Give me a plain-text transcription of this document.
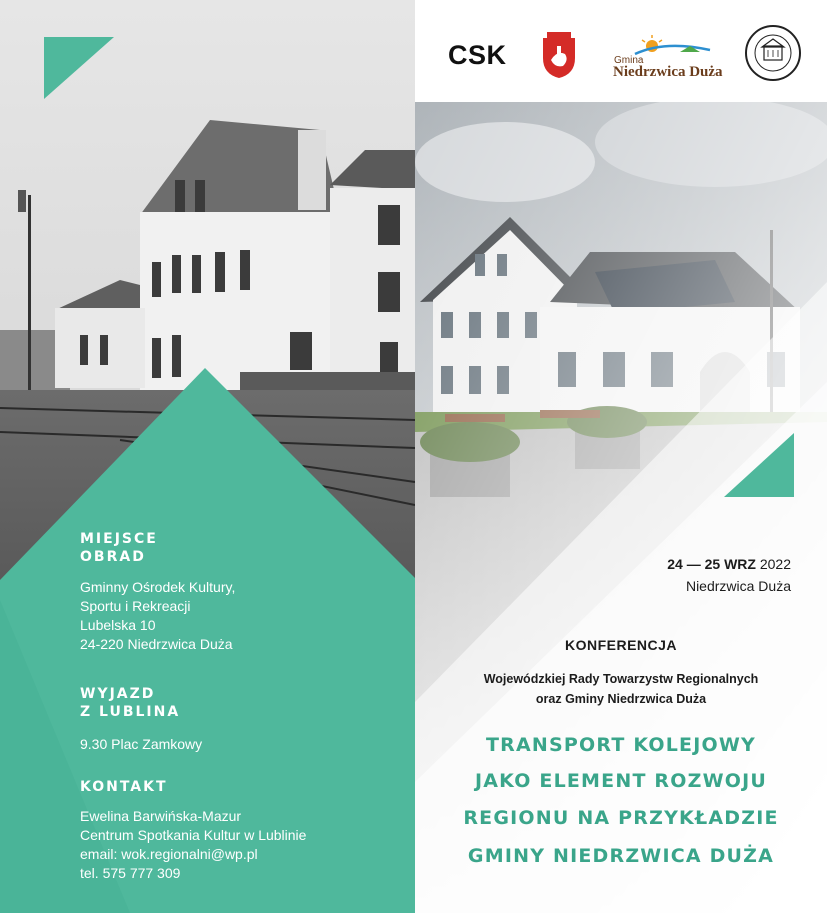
MIEJSCE
OBRAD
Gminny Ośrodek Kultury,
Sportu i Rekreacji
Lubelska 10
24-220 Niedrzwica Duża
WYJAZD
Z LUBLINA
9.30 Plac Zamkowy
KONTAKT
Ewelina Barwińska-Mazur
Centrum Spotkania Kultur w Lublinie
email: wok.regionalni@wp.pl
tel. 575 777 309
CSK	Gmina
Niedrzwica Duża
24 — 25 WRZ 2022
Niedrzwica Duża
KONFERENCJA
Wojewódzkiej Rady Towarzystw Regionalnych
oraz Gminy Niedrzwica Duża
TRANSPORT KOLEJOWY
JAKO ELEMENT ROZWOJU
REGIONU NA PRZYKŁADZIE
GMINY NIEDRZWICA DUŻA
